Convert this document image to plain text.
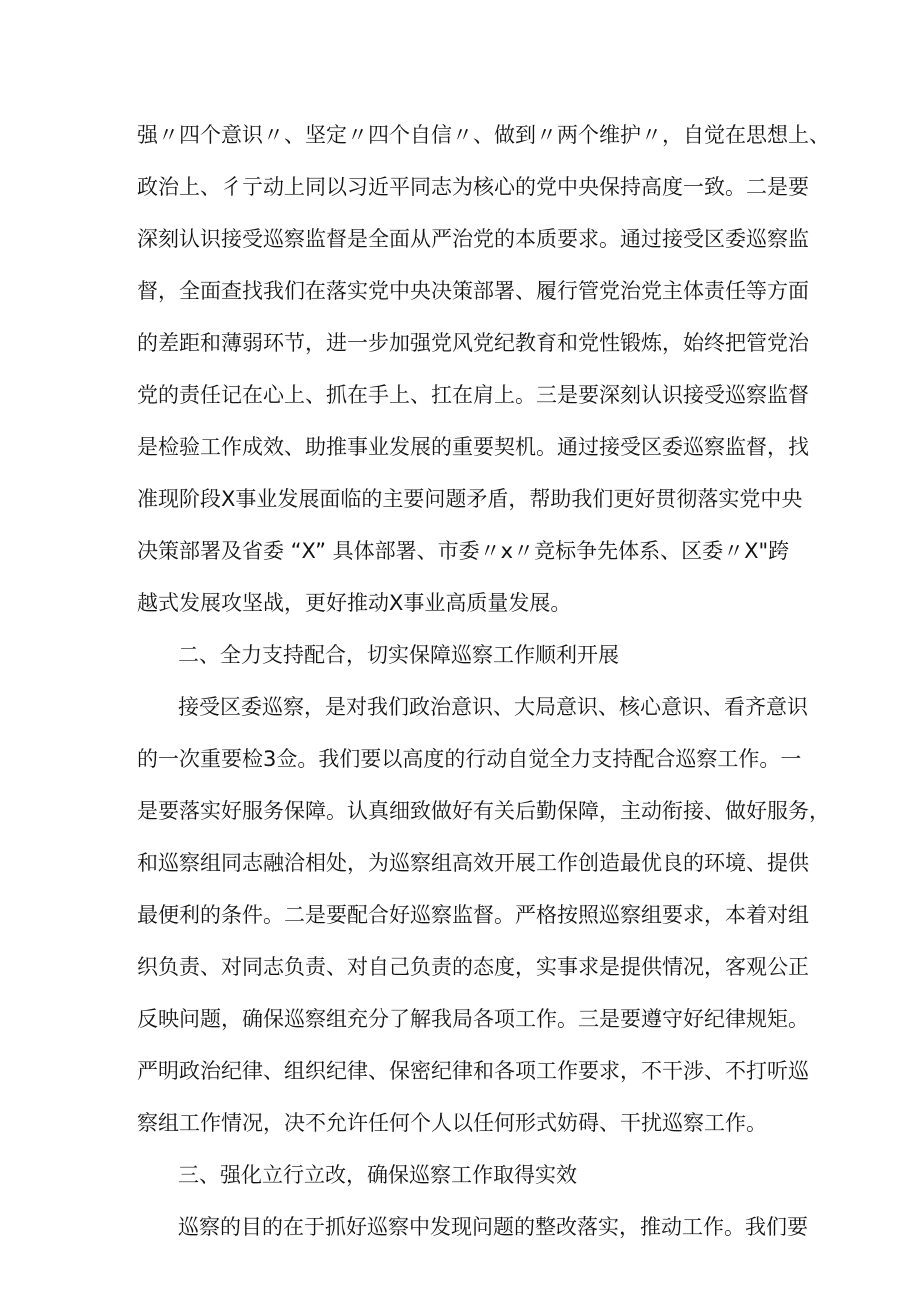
强〃四个意识〃、坚定〃四个自信〃、做到〃两个维护〃，自觉在思想上、
政治上、彳亍动上同以习近平同志为核心的党中央保持高度一致。二是要
深刻认识接受巡察监督是全面从严治党的本质要求。通过接受区委巡察监
督，全面查找我们在落实党中央决策部署、履行管党治党主体责任等方面
的差距和薄弱环节，进一步加强党风党纪教育和党性锻炼，始终把管党治
党的责任记在心上、抓在手上、扛在肩上。三是要深刻认识接受巡察监督
是检验工作成效、助推事业发展的重要契机。通过接受区委巡察监督，找
准现阶段X事业发展面临的主要问题矛盾，帮助我们更好贯彻落实党中央
决策部署及省委 “X” 具体部署、市委〃x〃竞标争先体系、区委〃X"跨
越式发展攻坚战，更好推动X事业高质量发展。
二、全力支持配合，切实保障巡察工作顺利开展
接受区委巡察，是对我们政治意识、大局意识、核心意识、看齐意识
的一次重要检3佥。我们要以高度的行动自觉全力支持配合巡察工作。一
是要落实好服务保障。认真细致做好有关后勤保障，主动衔接、做好服务，
和巡察组同志融洽相处，为巡察组高效开展工作创造最优良的环境、提供
最便利的条件。二是要配合好巡察监督。严格按照巡察组要求，本着对组
织负责、对同志负责、对自己负责的态度，实事求是提供情况，客观公正
反映问题，确保巡察组充分了解我局各项工作。三是要遵守好纪律规矩。
严明政治纪律、组织纪律、保密纪律和各项工作要求，不干涉、不打听巡
察组工作情况，决不允许任何个人以任何形式妨碍、干扰巡察工作。
三、强化立行立改，确保巡察工作取得实效
巡察的目的在于抓好巡察中发现问题的整改落实，推动工作。我们要
